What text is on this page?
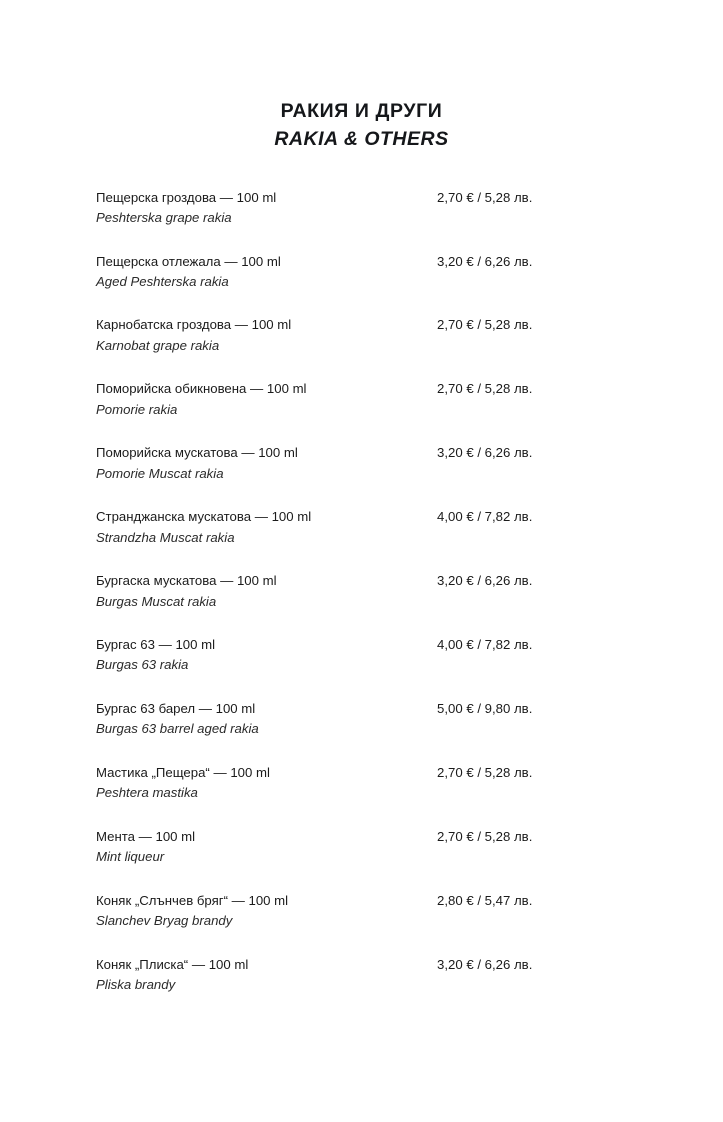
РАКИЯ И ДРУГИ
RAKIA & OTHERS
Пещерска гроздова — 100 ml
Peshterska grape rakia
2,70 € / 5,28 лв.
Пещерска отлежала — 100 ml
Aged Peshterska rakia
3,20 € / 6,26 лв.
Карнобатска гроздова — 100 ml
Karnobat grape rakia
2,70 € / 5,28 лв.
Поморийска обикновена — 100 ml
Pomorie rakia
2,70 € / 5,28 лв.
Поморийска мускатова — 100 ml
Pomorie Muscat rakia
3,20 € / 6,26 лв.
Странджанска мускатова — 100 ml
Strandzha Muscat rakia
4,00 € / 7,82 лв.
Бургаска мускатова — 100 ml
Burgas Muscat rakia
3,20 € / 6,26 лв.
Бургас 63 — 100 ml
Burgas 63 rakia
4,00 € / 7,82 лв.
Бургас 63 барел — 100 ml
Burgas 63 barrel aged rakia
5,00 € / 9,80 лв.
Мастика „Пещера“ — 100 ml
Peshtera mastika
2,70 € / 5,28 лв.
Мента — 100 ml
Mint liqueur
2,70 € / 5,28 лв.
Коняк „Слънчев бряг“ — 100 ml
Slanchev Bryag brandy
2,80 € / 5,47 лв.
Коняк „Плиска“ — 100 ml
Pliska brandy
3,20 € / 6,26 лв.
